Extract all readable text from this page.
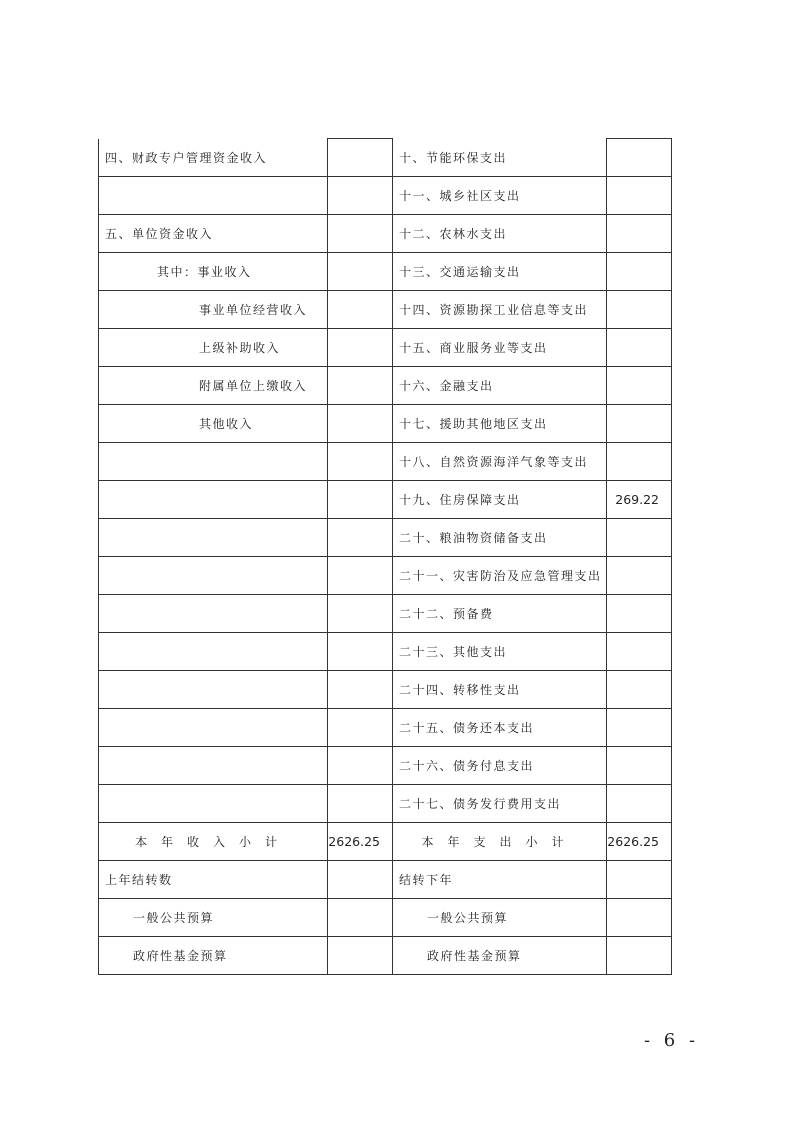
四、财政专户管理资金收入		十、节能环保支出	
		十一、城乡社区支出	
五、单位资金收入		十二、农林水支出	
其中：事业收入		十三、交通运输支出	
事业单位经营收入		十四、资源勘探工业信息等支出	
上级补助收入		十五、商业服务业等支出	
附属单位上缴收入		十六、金融支出	
其他收入		十七、援助其他地区支出	
		十八、自然资源海洋气象等支出	
		十九、住房保障支出	269.22
		二十、粮油物资储备支出	
		二十一、灾害防治及应急管理支出	
		二十二、预备费	
		二十三、其他支出	
		二十四、转移性支出	
		二十五、债务还本支出	
		二十六、债务付息支出	
		二十七、债务发行费用支出	
本年收入小计	2626.25	本年支出小计	2626.25
上年结转数		结转下年	
一般公共预算		一般公共预算	
政府性基金预算		政府性基金预算	
- 6 -
